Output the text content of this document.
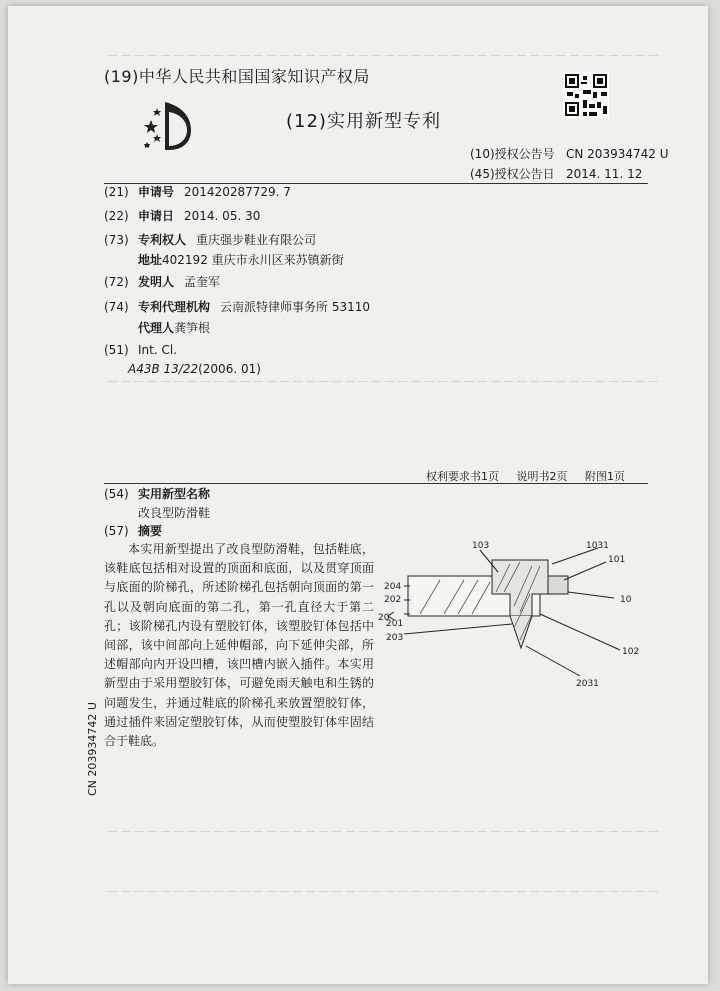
— — — — — — — — — — — — — — — — — — — — — — — — — — — — — — — — — — — — — — — — — —
— — — — — — — — — — — — — — — — — — — — — — — — — — — — — — — — — — — — — — — — — —
— — — — — — — — — — — — — — — — — — — — — — — — — — — — — — — — — — — — — — — — — —
— — — — — — — — — — — — — — — — — — — — — — — — — — — — — — — — — — — — — — — — — —
(19)中华人民共和国国家知识产权局
(12)实用新型专利
(10)授权公告号 CN 203934742 U
(45)授权公告日 2014. 11. 12
(21) 申请号 201420287729. 7
(22) 申请日 2014. 05. 30
(73) 专利权人 重庆强步鞋业有限公司
地址402192 重庆市永川区来苏镇新街
(72) 发明人 孟奎军
(74) 专利代理机构 云南派特律师事务所 53110
代理人龚笋根
(51) Int. Cl.
A43B 13/22(2006. 01)
权利要求书1页 说明书2页 附图1页
(54) 实用新型名称
改良型防滑鞋
(57) 摘要
本实用新型提出了改良型防滑鞋，包括鞋底，该鞋底包括相对设置的顶面和底面，以及贯穿顶面与底面的阶梯孔，所述阶梯孔包括朝向顶面的第一孔以及朝向底面的第二孔，第一孔直径大于第二孔；该阶梯孔内设有塑胶钉体，该塑胶钉体包括中间部，该中间部向上延伸帽部，向下延伸尖部，所述帽部向内开设凹槽，该凹槽内嵌入插件。本实用新型由于采用塑胶钉体，可避免雨天触电和生锈的问题发生，并通过鞋底的阶梯孔来放置塑胶钉体，通过插件来固定塑胶钉体，从而使塑胶钉体牢固结合于鞋底。
103	1031
101
10
204
202
20
201
203
102
2031
CN 203934742 U
